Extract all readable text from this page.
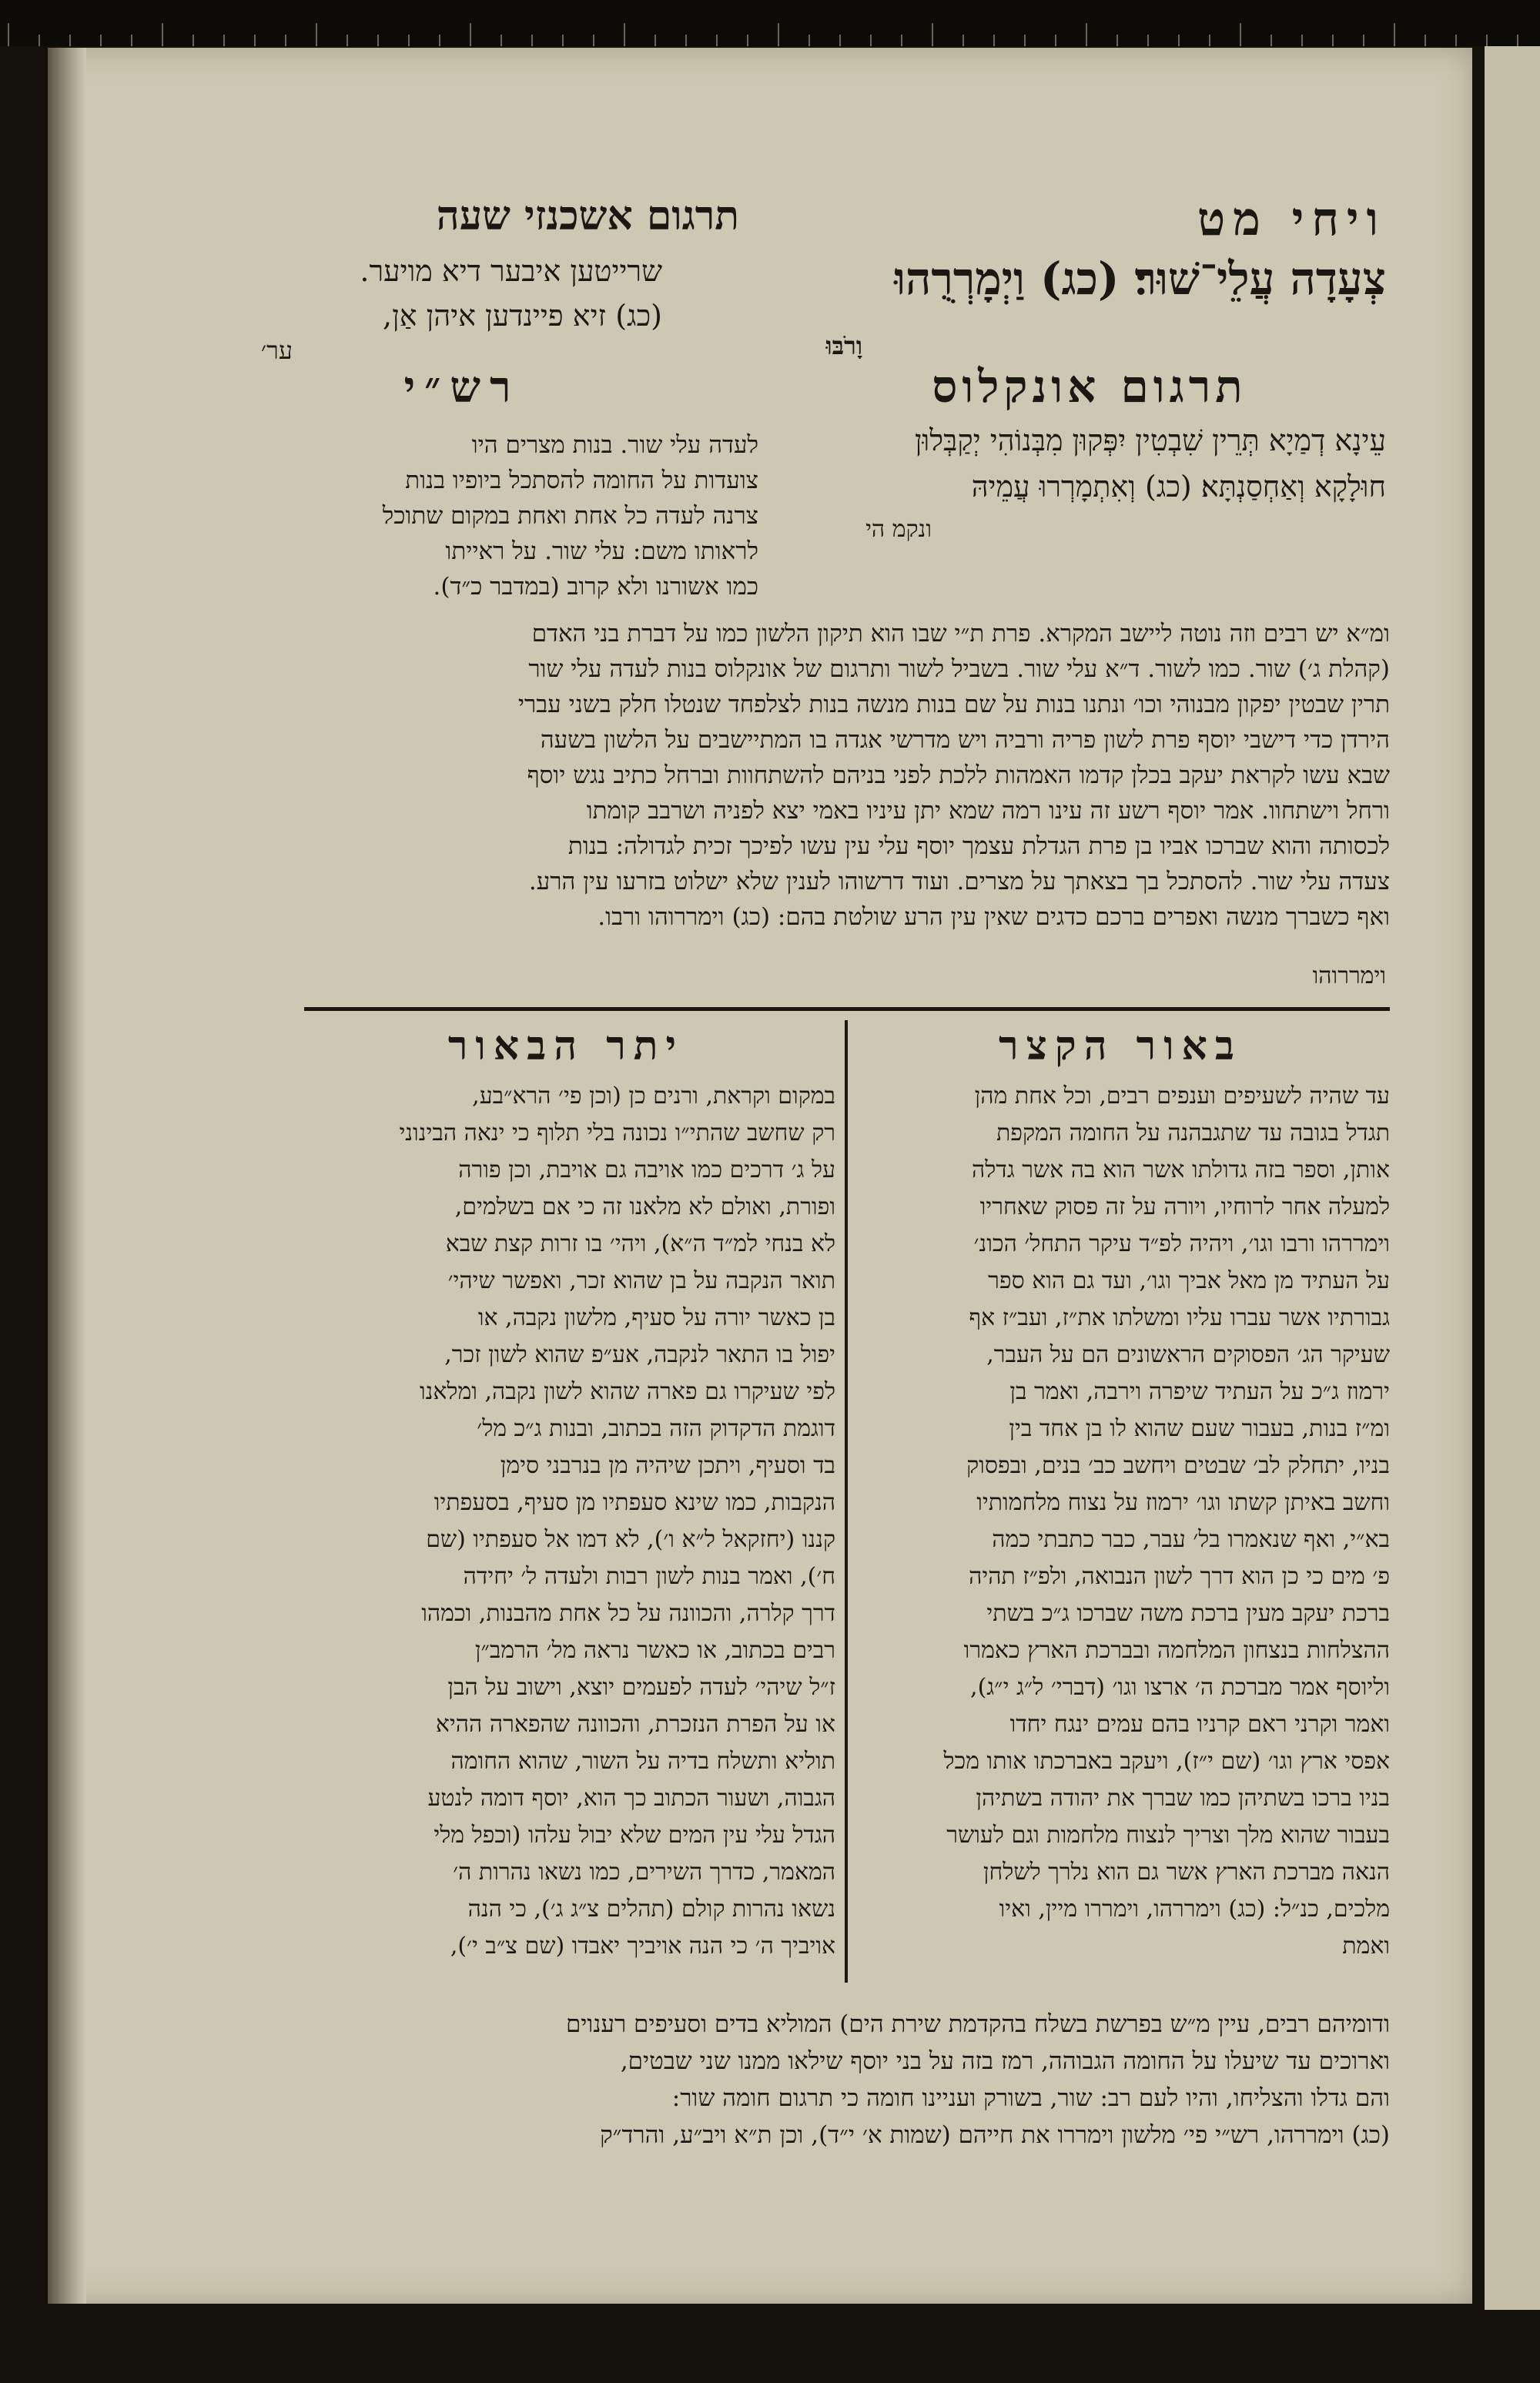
ויחי מט
תרגום אשכנזי שעה
צְעָדָה עֲלֵי־שׁוּר׃ (כג) וַיְמָרְרֻהוּ
וָרֹבּוּ
שרייטען איבער דיא מויער.
(כג) זיא פיינדען איהן אַן,
ער׳
תרגום אונקלוס
עֵינָא דְמַיָא תְּרֵין שִׁבְטִין יִפְּקוּן מִבְּנוֹהִי יְקַבְּלוּן
חוּלָקָא וְאַחְסַנְתָּא׃ (כג) וְאִתְמָרְרוּ עֲמֵיהּ
ונקמ הי
רש״י
לעדה עלי שור. בנות מצרים היו
צועדות על החומה להסתכל ביופיו בנות
צרנה לעדה כל אחת ואחת במקום שתוכל
לראותו משם: עלי שור. על ראייתו
כמו אשורנו ולא קרוב (במדבר כ״ד).
ומ״א יש רבים וזה נוטה ליישב המקרא. פרת ת״י שבו הוא תיקון הלשון כמו על דברת בני האדם
(קהלת ג׳) שור. כמו לשור. ד״א עלי שור. בשביל לשור ותרגום של אונקלוס בנות לעדה עלי שור
תרין שבטין יפקון מבנוהי וכו׳ ונתנו בנות על שם בנות מנשה בנות לצלפחד שנטלו חלק בשני עברי
הירדן כדי דישבי יוסף פרת לשון פריה ורביה ויש מדרשי אגדה בו המתיישבים על הלשון בשעה
שבא עשו לקראת יעקב בכלן קדמו האמהות ללכת לפני בניהם להשתחוות וברחל כתיב נגש יוסף
ורחל וישתחוו. אמר יוסף רשע זה עינו רמה שמא יתן עיניו באמי יצא לפניה ושרבב קומתו
לכסותה והוא שברכו אביו בן פרת הגדלת עצמך יוסף עלי עין עשו לפיכך זכית לגדולה: בנות
צעדה עלי שור. להסתכל בך בצאתך על מצרים. ועוד דרשוהו לענין שלא ישלוט בזרעו עין הרע.
ואף כשברך מנשה ואפרים ברכם כדגים שאין עין הרע שולטת בהם: (כג) וימררוהו ורבו.
וימררוהו
באור הקצר
עד שהיה לשעיפים וענפים רבים, וכל אחת מהן
תגדל בגובה עד שתגבהנה על החומה המקפת
אותן, וספר בזה גדולתו אשר הוא בה אשר גדלה
למעלה אחר לרוחיו, ויורה על זה פסוק שאחריו
וימררהו ורבו וגו׳, ויהיה לפ״ד עיקר התחל׳ הכונ׳
על העתיד מן מאל אביך וגו׳, ועד גם הוא ספר
גבורתיו אשר עברו עליו ומשלתו את״ז, ועב״ז אף
שעיקר הג׳ הפסוקים הראשונים הם על העבר,
ירמוז ג״כ על העתיד שיפרה וירבה, ואמר בן
ומ״ז בנות, בעבור שעם שהוא לו בן אחד בין
בניו, יתחלק לב׳ שבטים ויחשב כב׳ בנים, ובפסוק
וחשב באיתן קשתו וגו׳ ירמוז על נצוח מלחמותיו
בא״י, ואף שנאמרו בל׳ עבר, כבר כתבתי כמה
פ׳ מים כי כן הוא דרך לשון הנבואה, ולפ״ז תהיה
ברכת יעקב מעין ברכת משה שברכו ג״כ בשתי
ההצלחות בנצחון המלחמה ובברכת הארץ כאמרו
וליוסף אמר מברכת ה׳ ארצו וגו׳ (דברי׳ ל״ג י״ג),
ואמר וקרני ראם קרניו בהם עמים ינגח יחדו
אפסי ארץ וגו׳ (שם י״ז), ויעקב באברכתו אותו מכל
בניו ברכו בשתיהן כמו שברך את יהודה בשתיהן
בעבור שהוא מלך וצריך לנצוח מלחמות וגם לעושר
הנאה מברכת הארץ אשר גם הוא נלרך לשלחן
מלכים, כנ״ל: (כג) וימררהו, וימררו מיין, ואיו
ואמת
יתר הבאור
במקום וקראת, ורנים כן (וכן פי׳ הרא״בע,
רק שחשב שהתי״ו נכונה בלי תלוף כי ינאה הבינוני
על ג׳ דרכים כמו אויבה גם אויבת, וכן פורה
ופורת, ואולם לא מלאנו זה כי אם בשלמים,
לא בנחי למ״ד ה״א), ויהי׳ בו זרות קצת שבא
תואר הנקבה על בן שהוא זכר, ואפשר שיהי׳
בן כאשר יורה על סעיף, מלשון נקבה, או
יפול בו התאר לנקבה, אע״פ שהוא לשון זכר,
לפי שעיקרו גם פארה שהוא לשון נקבה, ומלאנו
דוגמת הדקדוק הזה בכתוב, ובנות ג״כ מל׳
בד וסעיף, ויתכן שיהיה מן בנרבני סימן
הנקבות, כמו שינא סעפתיו מן סעיף, בסעפתיו
קננו (יחזקאל ל״א ו׳), לא דמו אל סעפתיו (שם
ח׳), ואמר בנות לשון רבות ולעדה ל׳ יחידה
דרך קלרה, והכוונה על כל אחת מהבנות, וכמהו
רבים בכתוב, או כאשר נראה מל׳ הרמב״ן
ז״ל שיהי׳ לעדה לפעמים יוצא, וישוב על הבן
או על הפרת הנזכרת, והכוונה שהפארה ההיא
תוליא ותשלח בדיה על השור, שהוא החומה
הגבוה, ושעור הכתוב כך הוא, יוסף דומה לנטע
הגדל עלי עין המים שלא יבול עלהו (וכפל מלי
המאמר, כדרך השירים, כמו נשאו נהרות ה׳
נשאו נהרות קולם (תהלים צ״ג ג׳), כי הנה
אויביך ה׳ כי הנה אויביך יאבדו (שם צ״ב י׳),
ודומיהם רבים, עיין מ״ש בפרשת בשלח בהקדמת שירת הים) המוליא בדים וסעיפים רענוים
וארוכים עד שיעלו על החומה הגבוהה, רמז בזה על בני יוסף שילאו ממנו שני שבטים,
והם גדלו והצליחו, והיו לעם רב: שור, בשורק ועניינו חומה כי תרגום חומה שור:
(כג) וימררהו, רש״י פי׳ מלשון וימררו את חייהם (שמות א׳ י״ד), וכן ת״א ויב״ע, והרד״ק
